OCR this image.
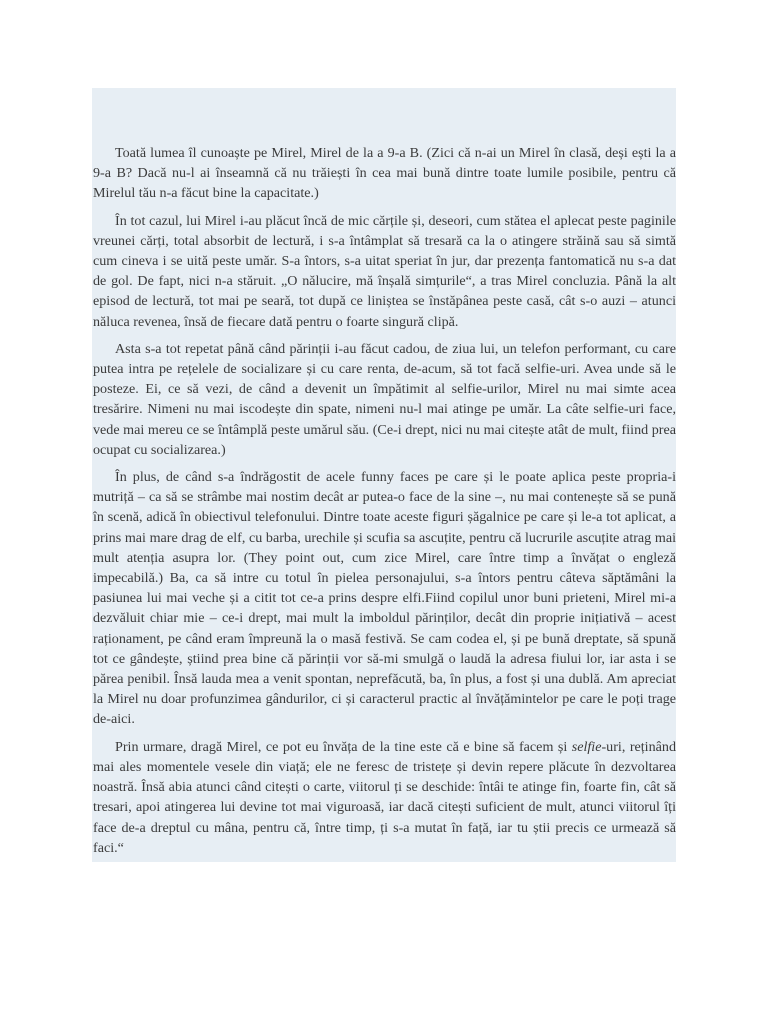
Toată lumea îl cunoaște pe Mirel, Mirel de la a 9-a B. (Zici că n-ai un Mirel în clasă, deși ești la a 9-a B? Dacă nu-l ai înseamnă că nu trăiești în cea mai bună dintre toate lumile posibile, pentru că Mirelul tău n-a făcut bine la capacitate.)

În tot cazul, lui Mirel i-au plăcut încă de mic cărțile și, deseori, cum stătea el aplecat peste paginile vreunei cărți, total absorbit de lectură, i s-a întâmplat să tresară ca la o atingere străină sau să simtă cum cineva i se uită peste umăr. S-a întors, s-a uitat speriat în jur, dar prezența fantomatică nu s-a dat de gol. De fapt, nici n-a stăruit. „O nălucire, mă înșală simțurile“, a tras Mirel concluzia. Până la alt episod de lectură, tot mai pe seară, tot după ce liniștea se înstăpânea peste casă, cât s-o auzi – atunci năluca revenea, însă de fiecare dată pentru o foarte singură clipă.

Asta s-a tot repetat până când părinții i-au făcut cadou, de ziua lui, un telefon performant, cu care putea intra pe rețelele de socializare și cu care renta, de-acum, să tot facă selfie-uri. Avea unde să le posteze. Ei, ce să vezi, de când a devenit un împătimit al selfie-urilor, Mirel nu mai simte acea tresărire. Nimeni nu mai iscodește din spate, nimeni nu-l mai atinge pe umăr. La câte selfie-uri face, vede mai mereu ce se întâmplă peste umărul său. (Ce-i drept, nici nu mai citește atât de mult, fiind prea ocupat cu socializarea.)

În plus, de când s-a îndrăgostit de acele funny faces pe care și le poate aplica peste propria-i mutriță – ca să se strâmbe mai nostim decât ar putea-o face de la sine –, nu mai contenește să se pună în scenă, adică în obiectivul telefonului. Dintre toate aceste figuri șăgalnice pe care și le-a tot aplicat, a prins mai mare drag de elf, cu barba, urechile și scufia sa ascuțite, pentru că lucrurile ascuțite atrag mai mult atenția asupra lor. (They point out, cum zice Mirel, care între timp a învățat o engleză impecabilă.) Ba, ca să intre cu totul în pielea personajului, s-a întors pentru câteva săptămâni la pasiunea lui mai veche și a citit tot ce-a prins despre elfi.Fiind copilul unor buni prieteni, Mirel mi-a dezvăluit chiar mie – ce-i drept, mai mult la imboldul părinților, decât din proprie inițiativă – acest raționament, pe când eram împreună la o masă festivă. Se cam codea el, și pe bună dreptate, să spună tot ce gândește, știind prea bine că părinții vor să-mi smulgă o laudă la adresa fiului lor, iar asta i se părea penibil. Însă lauda mea a venit spontan, neprefăcută, ba, în plus, a fost și una dublă. Am apreciat la Mirel nu doar profunzimea gândurilor, ci și caracterul practic al învățămintelor pe care le poți trage de-aici.

Prin urmare, dragă Mirel, ce pot eu învăța de la tine este că e bine să facem și selfie-uri, reținând mai ales momentele vesele din viață; ele ne feresc de tristețe și devin repere plăcute în dezvoltarea noastră. Însă abia atunci când citești o carte, viitorul ți se deschide: întâi te atinge fin, foarte fin, cât să tresari, apoi atingerea lui devine tot mai viguroasă, iar dacă citești suficient de mult, atunci viitorul îți face de-a dreptul cu mâna, pentru că, între timp, ți s-a mutat în față, iar tu știi precis ce urmează să faci.“
